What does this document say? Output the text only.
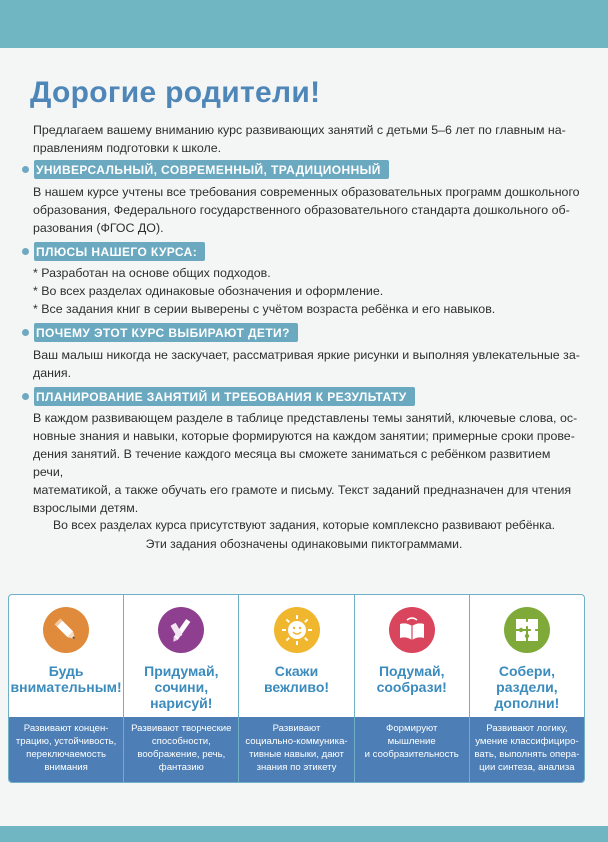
Дорогие родители!
Предлагаем вашему вниманию курс развивающих занятий с детьми 5–6 лет по главным на-
правлениям подготовки к школе.
УНИВЕРСАЛЬНЫЙ, СОВРЕМЕННЫЙ, ТРАДИЦИОННЫЙ
В нашем курсе учтены все требования современных образовательных программ дошкольного
образования, Федерального государственного образовательного стандарта дошкольного об-
разования (ФГОС ДО).
ПЛЮСЫ НАШЕГО КУРСА:
* Разработан на основе общих подходов.
* Во всех разделах одинаковые обозначения и оформление.
* Все задания книг в серии выверены с учётом возраста ребёнка и его навыков.
ПОЧЕМУ ЭТОТ КУРС ВЫБИРАЮТ ДЕТИ?
Ваш малыш никогда не заскучает, рассматривая яркие рисунки и выполняя увлекательные за-
дания.
ПЛАНИРОВАНИЕ ЗАНЯТИЙ И ТРЕБОВАНИЯ К РЕЗУЛЬТАТУ
В каждом развивающем разделе в таблице представлены темы занятий, ключевые слова, ос-
новные знания и навыки, которые формируются на каждом занятии; примерные сроки прове-
дения занятий. В течение каждого месяца вы сможете заниматься с ребёнком развитием речи,
математикой, а также обучать его грамоте и письму. Текст заданий предназначен для чтения
взрослыми детям.
Во всех разделах курса присутствуют задания, которые комплексно развивают ребёнка.
Эти задания обозначены одинаковыми пиктограммами.
Будь
внимательным!
Развивают концен-
трацию, устойчивость,
переключаемость
внимания
Придумай,
сочини,
нарисуй!
Развивают творческие
способности,
воображение, речь,
фантазию
Скажи
вежливо!
Развивают
социально-коммуника-
тивные навыки, дают
знания по этикету
Подумай,
сообрази!
Формируют
мышление
и сообразительность
Собери,
раздели,
дополни!
Развивают логику,
умение классифициро-
вать, выполнять опера-
ции синтеза, анализа
